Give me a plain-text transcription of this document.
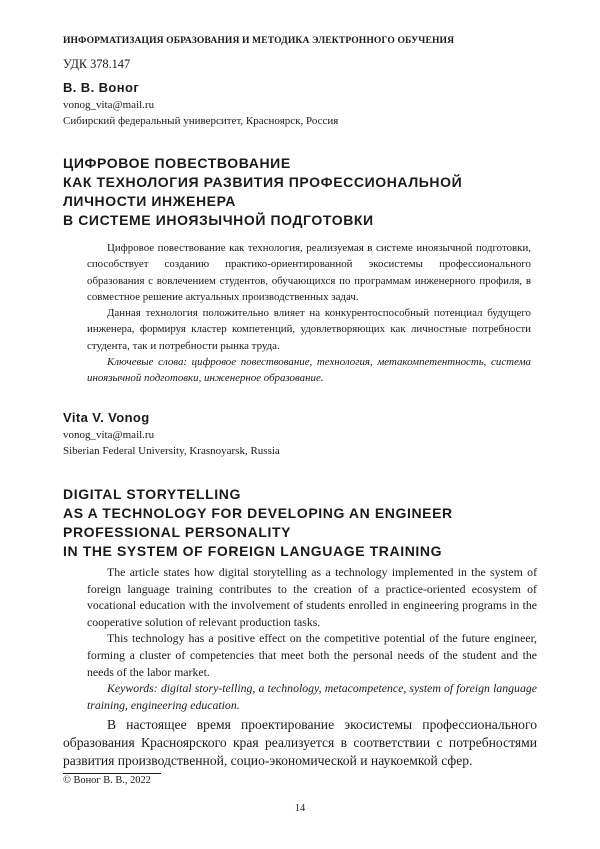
ИНФОРМАТИЗАЦИЯ ОБРАЗОВАНИЯ И МЕТОДИКА ЭЛЕКТРОННОГО ОБУЧЕНИЯ
УДК 378.147
В. В. Воног
vonog_vita@mail.ru
Сибирский федеральный университет, Красноярск, Россия
ЦИФРОВОЕ ПОВЕСТВОВАНИЕ
КАК ТЕХНОЛОГИЯ РАЗВИТИЯ ПРОФЕССИОНАЛЬНОЙ
ЛИЧНОСТИ ИНЖЕНЕРА
В СИСТЕМЕ ИНОЯЗЫЧНОЙ ПОДГОТОВКИ

Цифровое повествование как технология, реализуемая в системе иноязычной подготовки, способствует созданию практико-ориентированной экосистемы профессионального образования с вовлечением студентов, обучающихся по программам инженерного профиля, в совместное решение актуальных производственных задач.

Данная технология положительно влияет на конкурентоспособный потенциал будущего инженера, формируя кластер компетенций, удовлетворяющих как личностные потребности студента, так и потребности рынка труда.

Ключевые слова: цифровое повествование, технология, метакомпетентность, система иноязычной подготовки, инженерное образование.

Vita V. Vonog
vonog_vita@mail.ru
Siberian Federal University, Krasnoyarsk, Russia
DIGITAL STORYTELLING
AS A TECHNOLOGY FOR DEVELOPING AN ENGINEER
PROFESSIONAL PERSONALITY
IN THE SYSTEM OF FOREIGN LANGUAGE TRAINING

The article states how digital storytelling as a technology implemented in the system of foreign language training contributes to the creation of a practice-oriented ecosystem of vocational education with the involvement of students enrolled in engineering programs in the cooperative solution of relevant production tasks.

This technology has a positive effect on the competitive potential of the future engineer, forming a cluster of competencies that meet both the personal needs of the student and the needs of the labor market.

Keywords: digital story-telling, a technology, metacompetence, system of foreign language training, engineering education.

В настоящее время проектирование экосистемы профессионального образования Красноярского края реализуется в соответствии с потребностями развития производственной, социо-экономической и наукоемкой сфер.

© Воног В. В., 2022
14
